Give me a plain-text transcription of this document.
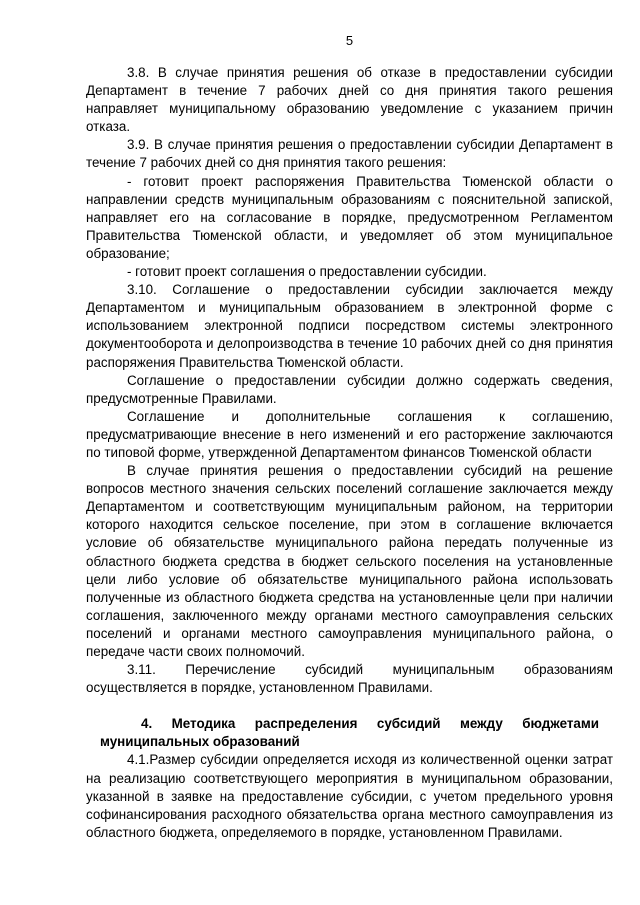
5

3.8. В случае принятия решения об отказе в предоставлении субсидии Департамент в течение 7 рабочих дней со дня принятия такого решения направляет муниципальному образованию уведомление с указанием причин отказа.

3.9. В случае принятия решения о предоставлении субсидии Департамент в течение 7 рабочих дней со дня принятия такого решения:

- готовит проект распоряжения Правительства Тюменской области о направлении средств муниципальным образованиям с пояснительной запиской, направляет его на согласование в порядке, предусмотренном Регламентом Правительства Тюменской области, и уведомляет об этом муниципальное образование;

- готовит проект соглашения о предоставлении субсидии.

3.10. Соглашение о предоставлении субсидии заключается между Департаментом и муниципальным образованием в электронной форме с использованием электронной подписи посредством системы электронного документооборота и делопроизводства в течение 10 рабочих дней со дня принятия распоряжения Правительства Тюменской области.

Соглашение о предоставлении субсидии должно содержать сведения, предусмотренные Правилами.

Соглашение и дополнительные соглашения к соглашению, предусматривающие внесение в него изменений и его расторжение заключаются по типовой форме, утвержденной Департаментом финансов Тюменской области

В случае принятия решения о предоставлении субсидий на решение вопросов местного значения сельских поселений соглашение заключается между Департаментом и соответствующим муниципальным районом, на территории которого находится сельское поселение, при этом в соглашение включается условие об обязательстве муниципального района передать полученные из областного бюджета средства в бюджет сельского поселения на установленные цели либо условие об обязательстве муниципального района использовать полученные из областного бюджета средства на установленные цели при наличии соглашения, заключенного между органами местного самоуправления сельских поселений и органами местного самоуправления муниципального района, о передаче части своих полномочий.

3.11. Перечисление субсидий муниципальным образованиям осуществляется в порядке, установленном Правилами.

4. Методика распределения субсидий между бюджетами муниципальных образований

4.1.Размер субсидии определяется исходя из количественной оценки затрат на реализацию соответствующего мероприятия в муниципальном образовании, указанной в заявке на предоставление субсидии, с учетом предельного уровня софинансирования расходного обязательства органа местного самоуправления из областного бюджета, определяемого в порядке, установленном Правилами.
